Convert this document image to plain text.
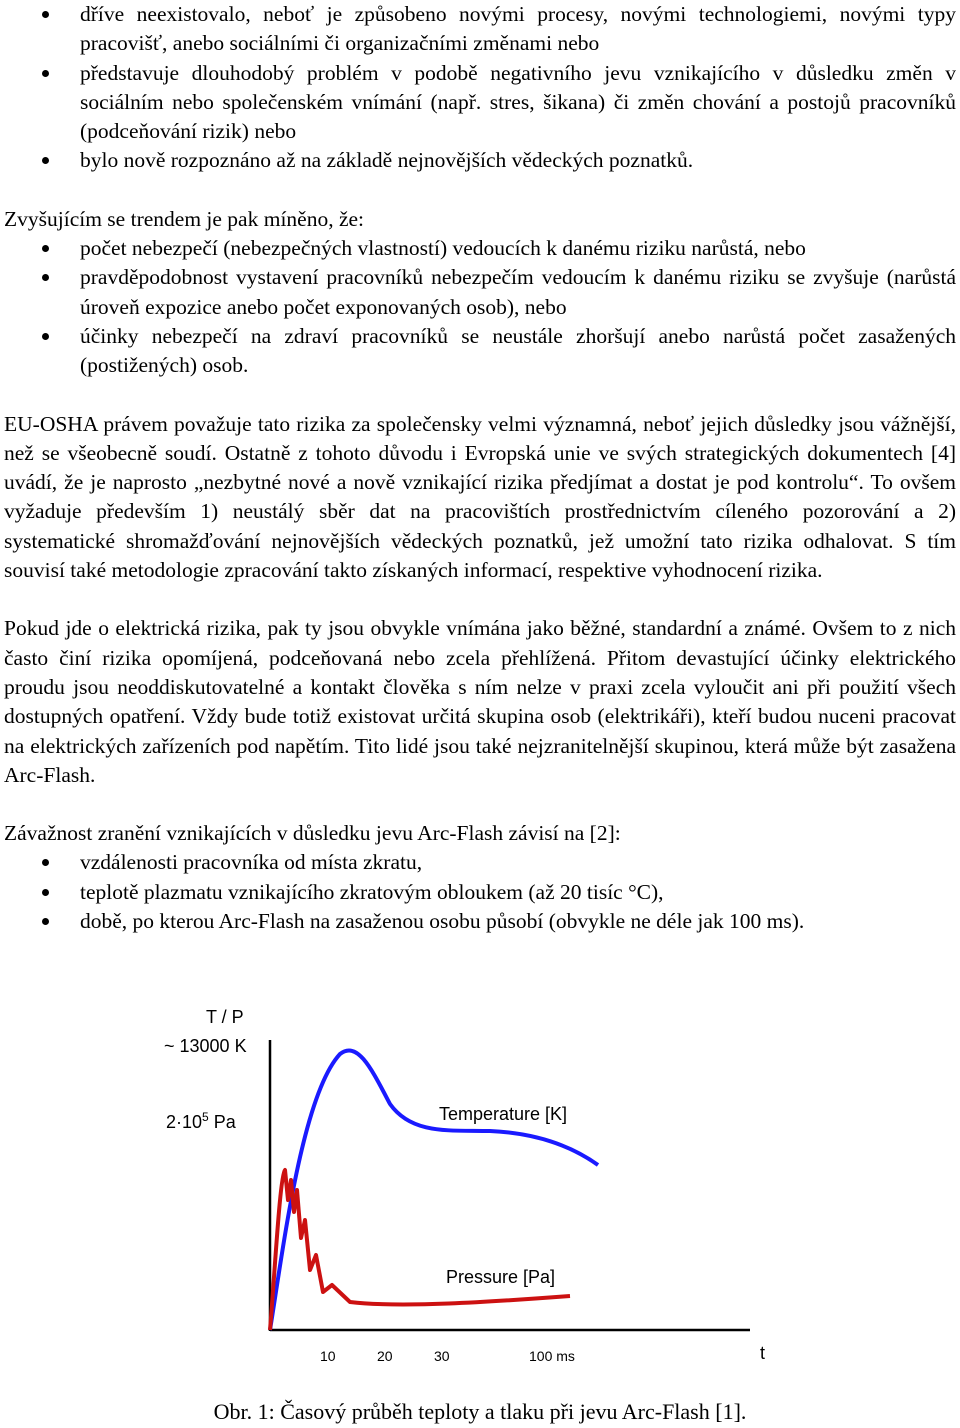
dříve neexistovalo, neboť je způsobeno novými procesy, novými technologiemi, novými typy pracovišť, anebo sociálními či organizačními změnami nebo
představuje dlouhodobý problém v podobě negativního jevu vznikajícího v důsledku změn v sociálním nebo společenském vnímání (např. stres, šikana) či změn chování a postojů pracovníků (podceňování rizik) nebo
bylo nově rozpoznáno až na základě nejnovějších vědeckých poznatků.

Zvyšujícím se trendem je pak míněno, že:

počet nebezpečí (nebezpečných vlastností) vedoucích k danému riziku narůstá, nebo
pravděpodobnost vystavení pracovníků nebezpečím vedoucím k danému riziku se zvyšuje (narůstá úroveň expozice anebo počet exponovaných osob), nebo
účinky nebezpečí na zdraví pracovníků se neustále zhoršují anebo narůstá počet zasažených (postižených) osob.

EU-OSHA právem považuje tato rizika za společensky velmi významná, neboť jejich důsledky jsou vážnější, než se všeobecně soudí. Ostatně z tohoto důvodu i Evropská unie ve svých strategických dokumentech [4] uvádí, že je naprosto „nezbytné nové a nově vznikající rizika předjímat a dostat je pod kontrolu“. To ovšem vyžaduje především 1) neustálý sběr dat na pracovištích prostřednictvím cíleného pozorování a 2) systematické shromažďování nejnovějších vědeckých poznatků, jež umožní tato rizika odhalovat. S tím souvisí také metodologie zpracování takto získaných informací, respektive vyhodnocení rizika.

Pokud jde o elektrická rizika, pak ty jsou obvykle vnímána jako běžné, standardní a známé. Ovšem to z nich často činí rizika opomíjená, podceňovaná nebo zcela přehlížená. Přitom devastující účinky elektrického proudu jsou neoddiskutovatelné a kontakt člověka s ním nelze v praxi zcela vyloučit ani při použití všech dostupných opatření. Vždy bude totiž existovat určitá skupina osob (elektrikáři), kteří budou nuceni pracovat na elektrických zařízeních pod napětím. Tito lidé jsou také nejzranitelnější skupinou, která může být zasažena Arc-Flash.

Závažnost zranění vznikajících v důsledku jevu Arc-Flash závisí na [2]:

vzdálenosti pracovníka od místa zkratu,
teplotě plazmatu vznikajícího zkratovým obloukem (až 20 tisíc °C),
době, po kterou Arc-Flash na zasaženou osobu působí (obvykle ne déle jak 100 ms).
T / P
~ 13000 K
$2\cdot 10^5$ Pa	Temperature [K]
Pressure [Pa]
10	20	30	100 ms	t
Obr. 1: Časový průběh teploty a tlaku při jevu Arc-Flash [1].
